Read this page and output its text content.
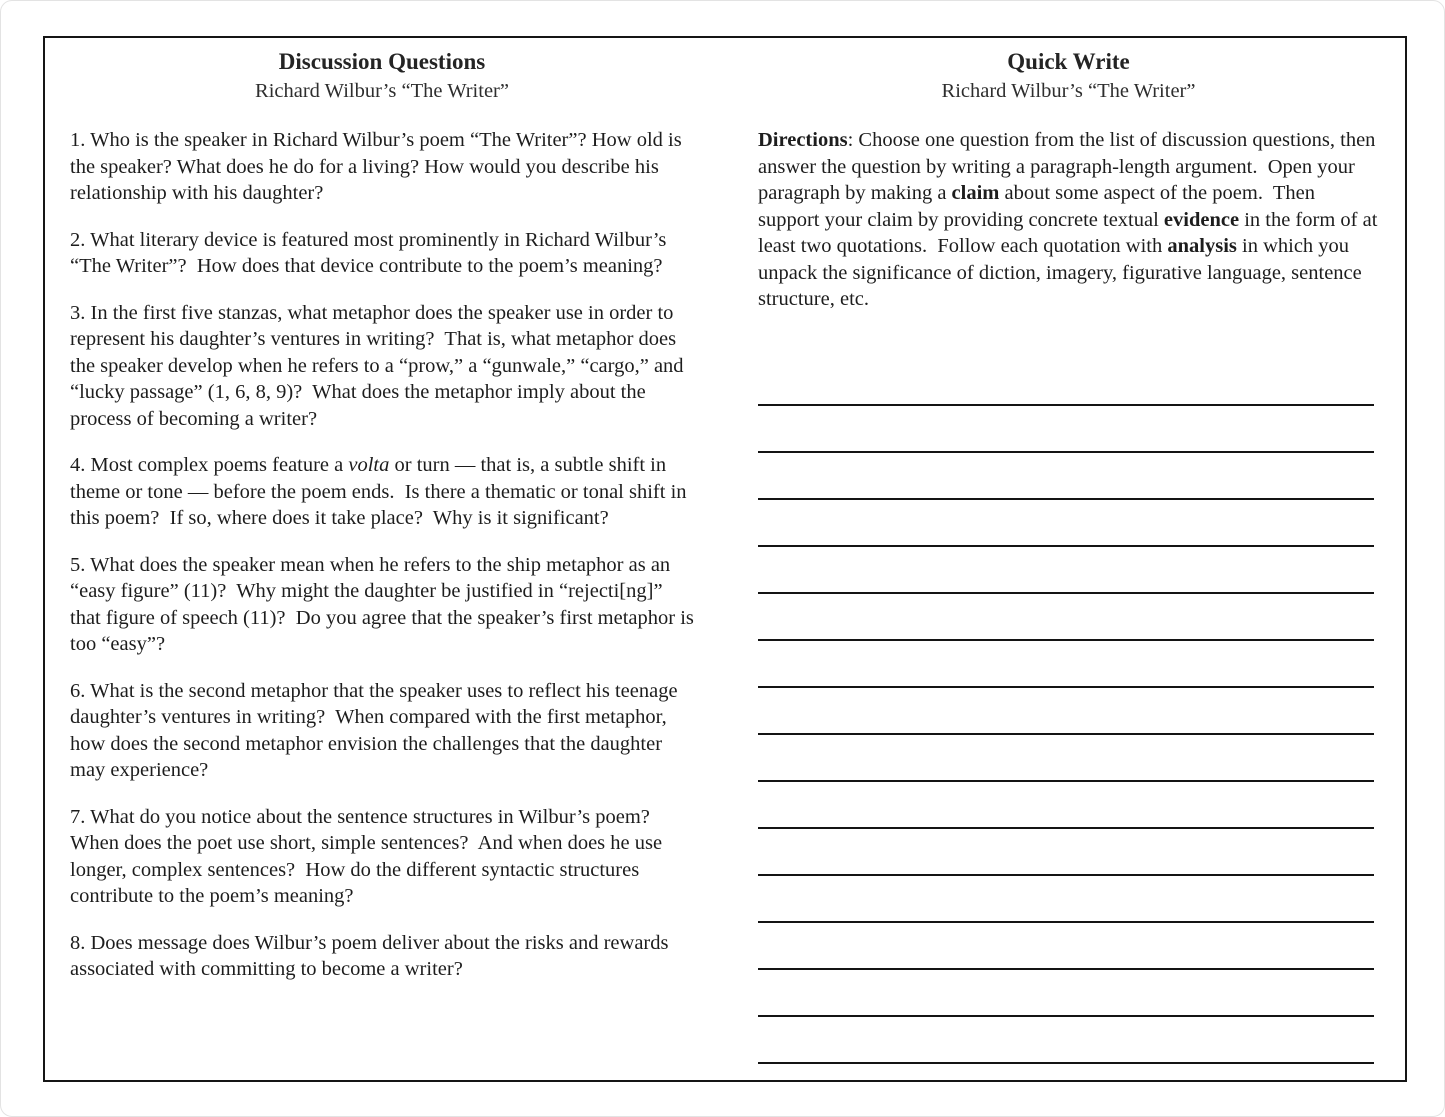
Discussion Questions
Richard Wilbur’s “The Writer”

1. Who is the speaker in Richard Wilbur’s poem “The Writer”? How old is the speaker? What does he do for a living? How would you describe his relationship with his daughter?

2. What literary device is featured most prominently in Richard Wilbur’s “The Writer”?  How does that device contribute to the poem’s meaning?

3. In the first five stanzas, what metaphor does the speaker use in order to represent his daughter’s ventures in writing?  That is, what metaphor does the speaker develop when he refers to a “prow,” a “gunwale,” “cargo,” and “lucky passage” (1, 6, 8, 9)?  What does the metaphor imply about the process of becoming a writer?

4. Most complex poems feature a volta or turn — that is, a subtle shift in theme or tone — before the poem ends.  Is there a thematic or tonal shift in this poem?  If so, where does it take place?  Why is it significant?

5. What does the speaker mean when he refers to the ship metaphor as an “easy figure” (11)?  Why might the daughter be justified in “rejecti[ng]” that figure of speech (11)?  Do you agree that the speaker’s first metaphor is too “easy”?

6. What is the second metaphor that the speaker uses to reflect his teenage daughter’s ventures in writing?  When compared with the first metaphor, how does the second metaphor envision the challenges that the daughter may experience?

7. What do you notice about the sentence structures in Wilbur’s poem? When does the poet use short, simple sentences?  And when does he use longer, complex sentences?  How do the different syntactic structures contribute to the poem’s meaning?

8. Does message does Wilbur’s poem deliver about the risks and rewards associated with committing to become a writer?

Quick Write
Richard Wilbur’s “The Writer”

Directions: Choose one question from the list of discussion questions, then answer the question by writing a paragraph-length argument.  Open your paragraph by making a claim about some aspect of the poem.  Then support your claim by providing concrete textual evidence in the form of at least two quotations.  Follow each quotation with analysis in which you unpack the significance of diction, imagery, figurative language, sentence structure, etc.
